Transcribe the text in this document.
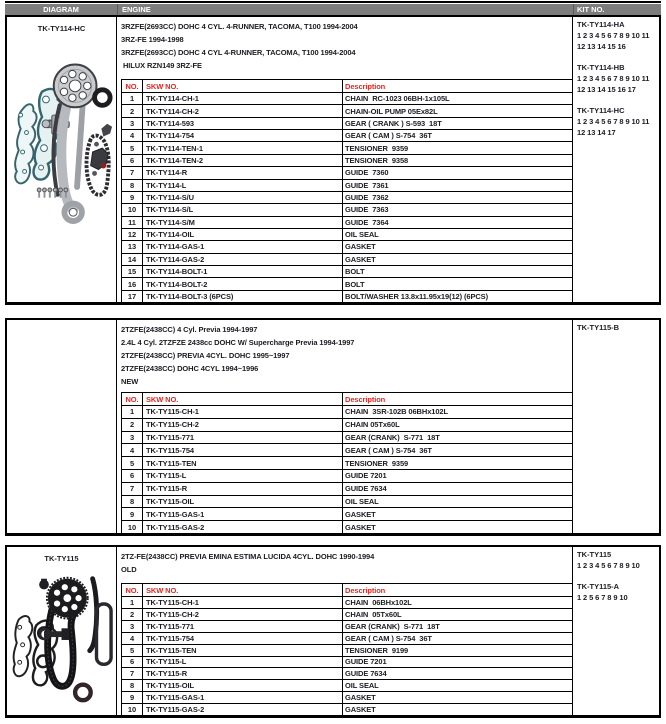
DIAGRAM	ENGINE	KIT NO.
TK-TY114-HC	3RZFE(2693CC) DOHC 4 CYL. 4-RUNNER, TACOMA, T100 1994-2004
3RZ-FE 1994-1998
3RZFE(2693CC) DOHC 4 CYL 4-RUNNER, TACOMA, T100 1994-2004
HILUX RZN149 3RZ-FE
NO. SKW NO.	Description
1	TK-TY114-CH-1	CHAIN  RC-1023 06BH-1x105L
2	TK-TY114-CH-2	CHAIN-OIL PUMP 05Ex82L
3	TK-TY114-593	GEAR ( CRANK ) S-593  18T
4	TK-TY114-754	GEAR ( CAM ) S-754  36T
5	TK-TY114-TEN-1	TENSIONER  9359
6	TK-TY114-TEN-2	TENSIONER  9358
7	TK-TY114-R	GUIDE  7360
8	TK-TY114-L	GUIDE  7361
9	TK-TY114-S/U	GUIDE  7362
10	TK-TY114-S/L	GUIDE  7363
11	TK-TY114-S/M	GUIDE  7364
12	TK-TY114-OIL	OIL SEAL
13	TK-TY114-GAS-1	GASKET
14	TK-TY114-GAS-2	GASKET
15	TK-TY114-BOLT-1	BOLT
16	TK-TY114-BOLT-2	BOLT
17	TK-TY114-BOLT-3 (6PCS)	BOLT/WASHER 13.8x11.95x19(12) (6PCS)
TK-TY114-HA
1 2 3 4 5 6 7 8 9 10 11 12 13 14 15 16
TK-TY114-HB
1 2 3 4 5 6 7 8 9 10 11 12 13 14 15 16 17
TK-TY114-HC
1 2 3 4 5 6 7 8 9 10 11 12 13 14 17
2TZFE(2438CC) 4 Cyl. Previa 1994-1997
2.4L 4 Cyl. 2TZFZE 2438cc DOHC W/ Supercharge Previa 1994-1997
2TZFE(2438CC) PREVIA 4CYL. DOHC 1995~1997
2TZFE(2438CC) DOHC 4CYL 1994~1996
NEW
NO. SKW NO.	Description
1	TK-TY115-CH-1	CHAIN  3SR-102B 06BHx102L
2	TK-TY115-CH-2	CHAIN 05Tx60L
3	TK-TY115-771	GEAR (CRANK)  S-771  18T
4	TK-TY115-754	GEAR ( CAM ) S-754  36T
5	TK-TY115-TEN	TENSIONER  9359
6	TK-TY115-L	GUIDE 7201
7	TK-TY115-R	GUIDE 7634
8	TK-TY115-OIL	OIL SEAL
9	TK-TY115-GAS-1	GASKET
10	TK-TY115-GAS-2	GASKET
TK-TY115-B
TK-TY115	2TZ-FE(2438CC) PREVIA EMINA ESTIMA LUCIDA 4CYL. DOHC 1990-1994
OLD
NO. SKW NO.	Description
1	TK-TY115-CH-1	CHAIN  06BHx102L
2	TK-TY115-CH-2	CHAIN  05Tx60L
3	TK-TY115-771	GEAR (CRANK)  S-771  18T
4	TK-TY115-754	GEAR ( CAM ) S-754  36T
5	TK-TY115-TEN	TENSIONER  9199
6	TK-TY115-L	GUIDE 7201
7	TK-TY115-R	GUIDE 7634
8	TK-TY115-OIL	OIL SEAL
9	TK-TY115-GAS-1	GASKET
10	TK-TY115-GAS-2	GASKET
TK-TY115
1 2 3 4 5 6 7 8 9 10
TK-TY115-A
1 2 5 6 7 8 9 10
